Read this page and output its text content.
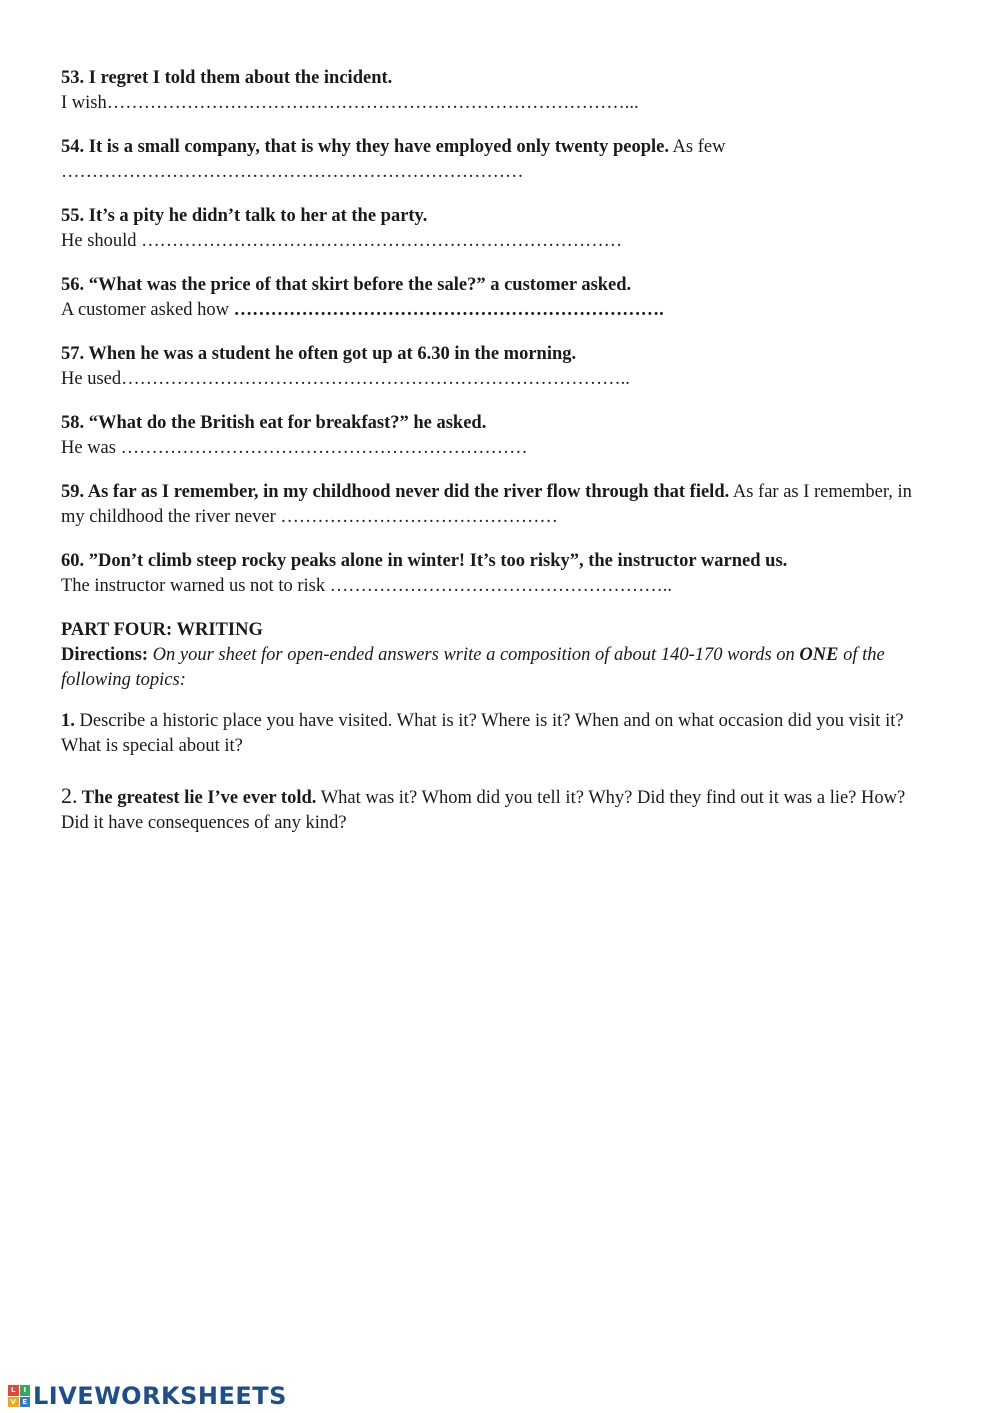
53. I regret I told them about the incident.
I wish…………………………………………………………………………...
54. It is a small company, that is why they have employed only twenty people. As few
…………………………………………………………………
55. It’s a pity he didn’t talk to her at the party.
He should ……………………………………………………………………
56. “What was the price of that skirt before the sale?” a customer asked.
A customer asked how …………………………………………………………….
57. When he was a student he often got up at 6.30 in the morning.
He used………………………………………………………………………..
58. “What do the British eat for breakfast?” he asked.
He was …………………………………………………………
59. As far as I remember, in my childhood never did the river flow through that field. As far as I remember, in my childhood the river never ………………………………………
60. ”Don’t climb steep rocky peaks alone in winter! It’s too risky”, the instructor warned us.
The instructor warned us not to risk ………………………………………………..
PART FOUR: WRITING
Directions: On your sheet for open-ended answers write a composition of about 140-170 words on ONE of the following topics:
1. Describe a historic place you have visited. What is it? Where is it? When and on what occasion did you visit it? What is special about it?
2. The greatest lie I’ve ever told. What was it? Whom did you tell it? Why? Did they find out it was a lie? How? Did it have consequences of any kind?
L	I
V E LIVEWORKSHEETS
